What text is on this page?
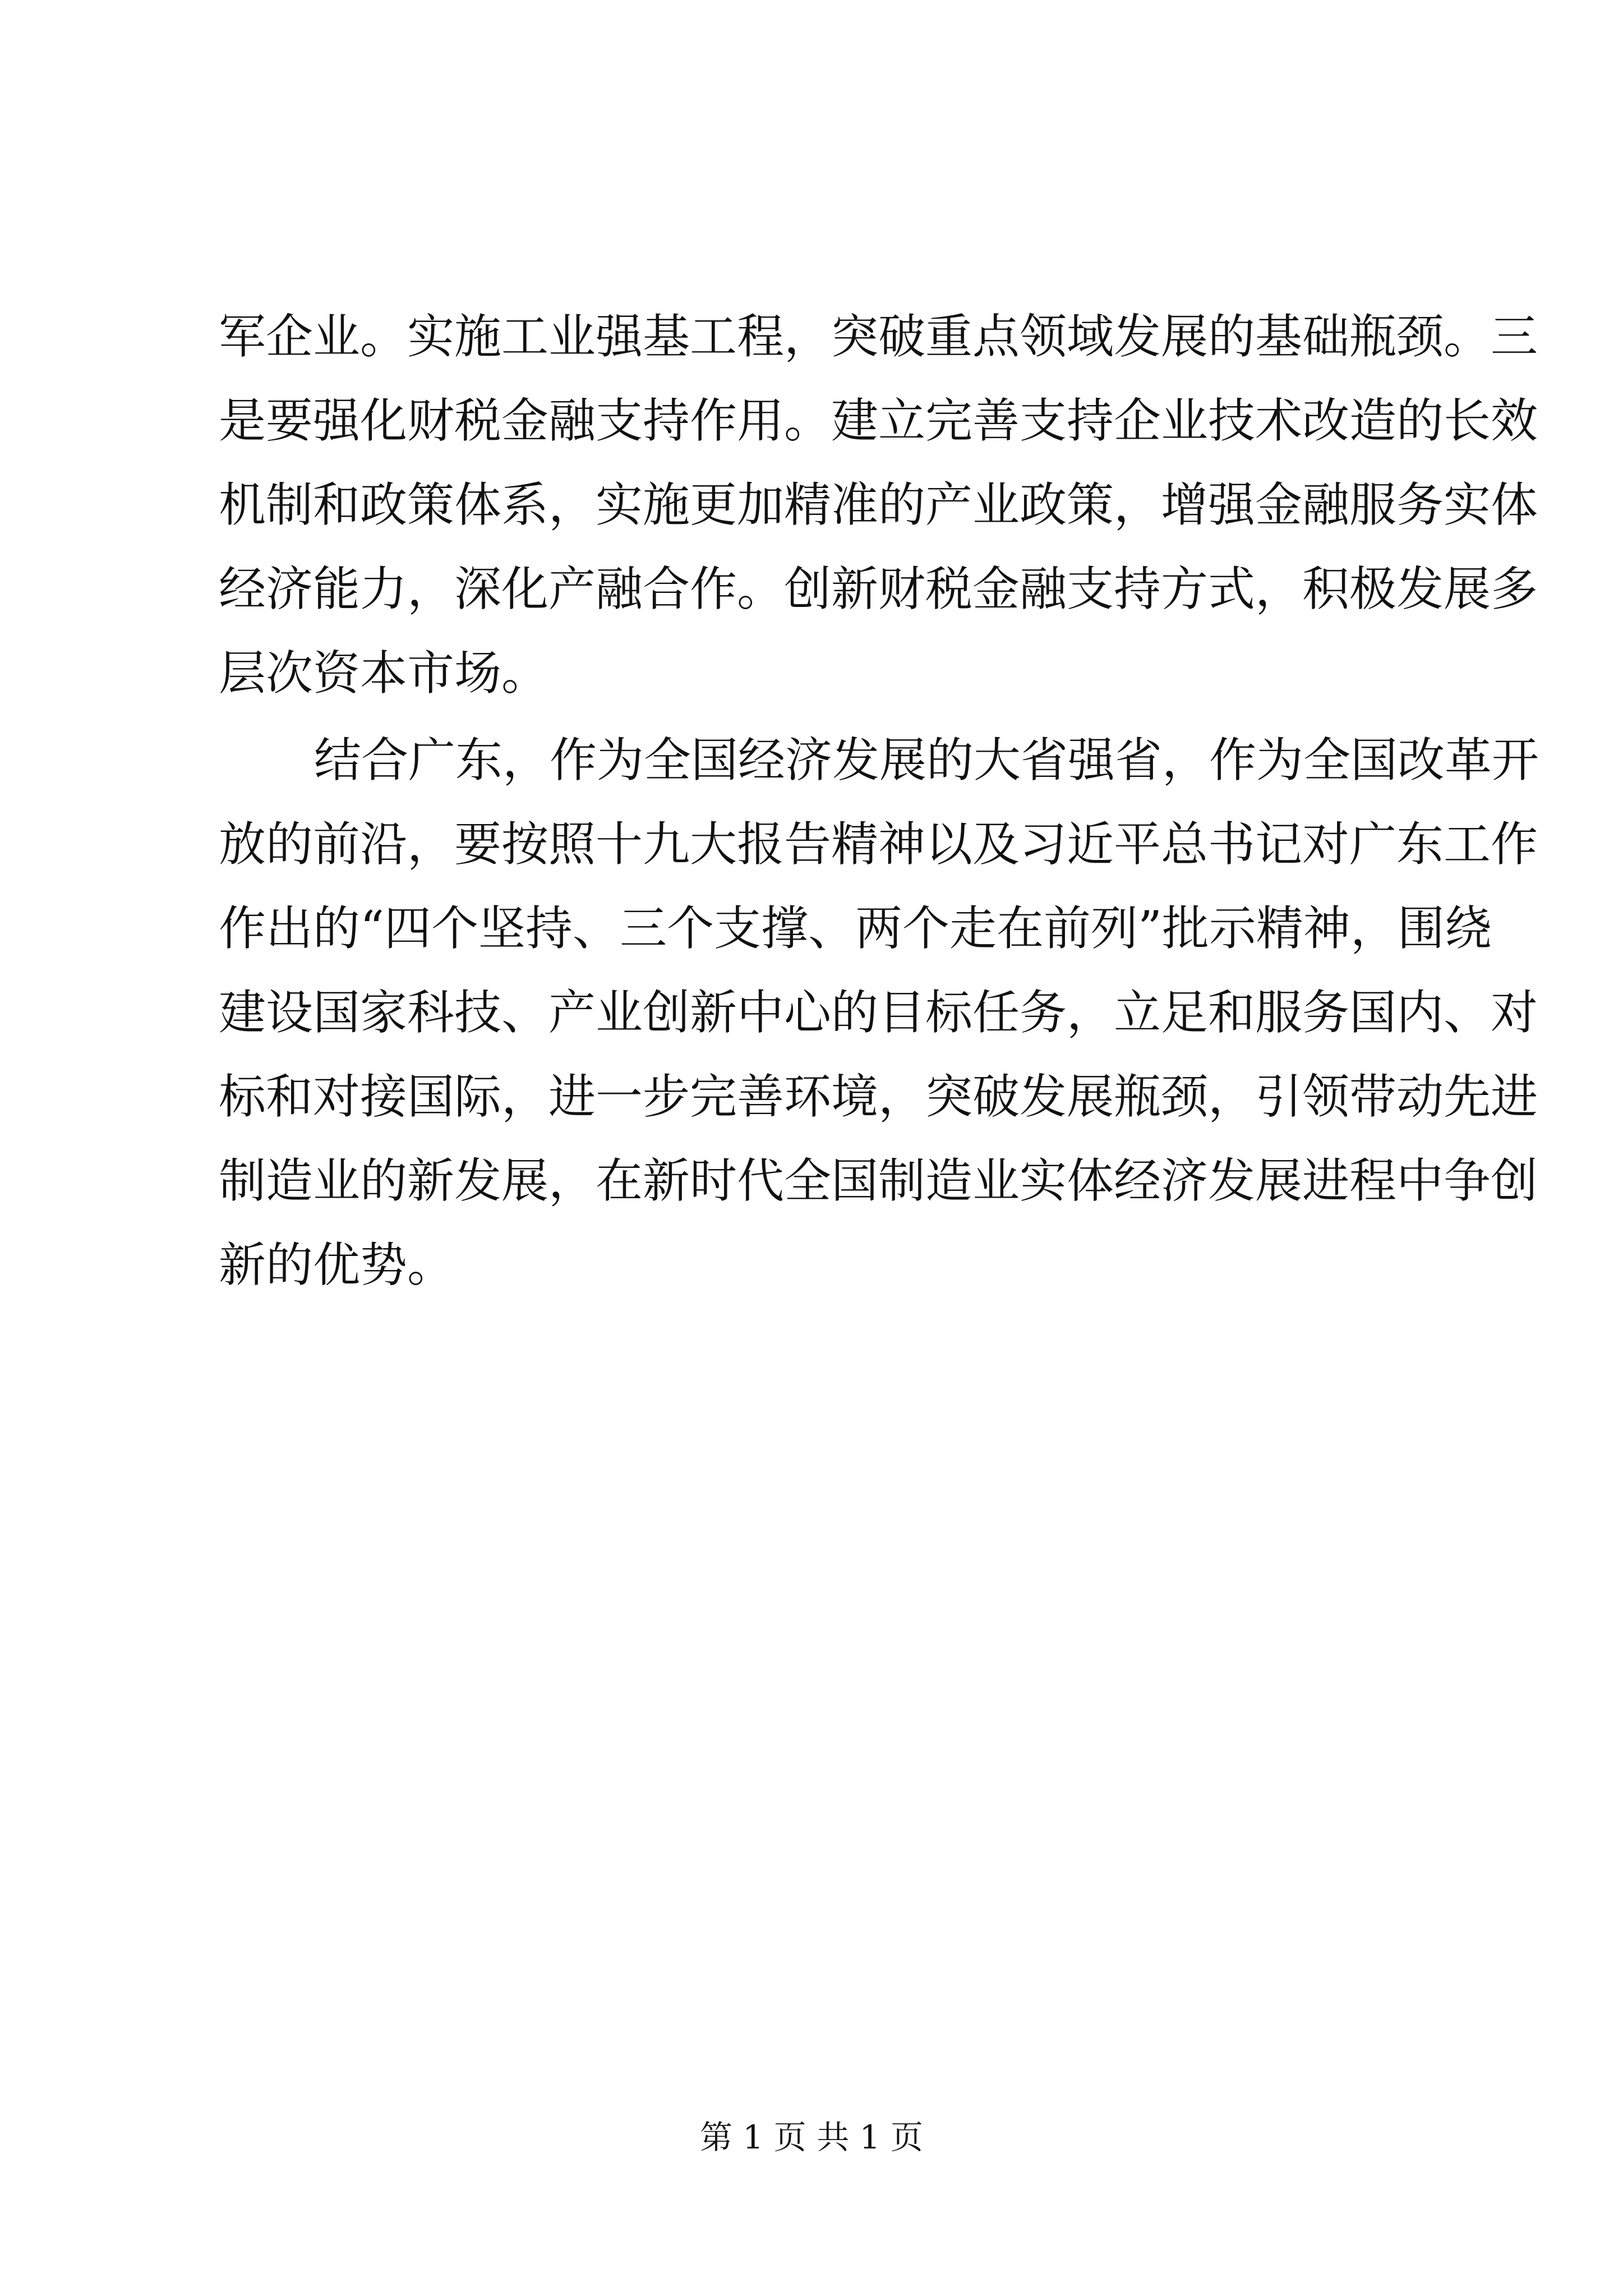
军企业。实施工业强基工程，突破重点领域发展的基础瓶颈。三
是要强化财税金融支持作用。建立完善支持企业技术改造的长效
机制和政策体系，实施更加精准的产业政策，增强金融服务实体
经济能力，深化产融合作。创新财税金融支持方式，积极发展多
层次资本市场。
结合广东，作为全国经济发展的大省强省，作为全国改革开
放的前沿，要按照十九大报告精神以及习近平总书记对广东工作
作出的“四个坚持、三个支撑、两个走在前列”批示精神，围绕
建设国家科技、产业创新中心的目标任务，立足和服务国内、对
标和对接国际，进一步完善环境，突破发展瓶颈，引领带动先进
制造业的新发展，在新时代全国制造业实体经济发展进程中争创
新的优势。
第 1 页 共 1 页
